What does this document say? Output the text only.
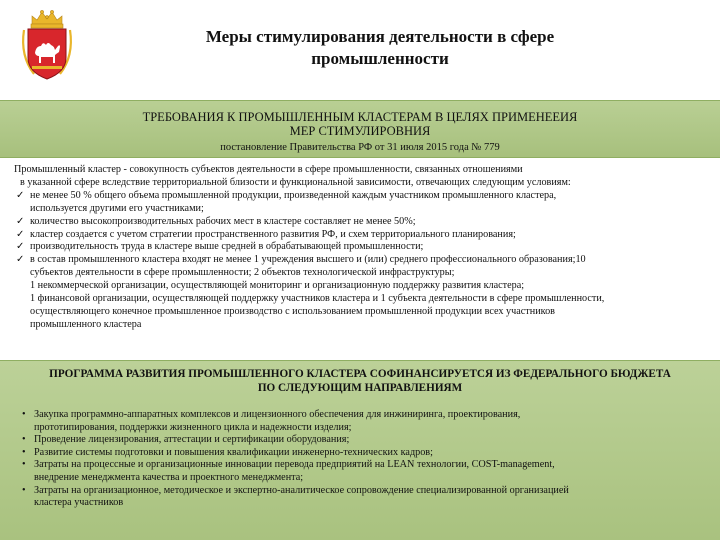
Меры стимулирования деятельности в сфере
промышленности
ТРЕБОВАНИЯ К ПРОМЫШЛЕННЫМ КЛАСТЕРАМ В ЦЕЛЯХ ПРИМЕНЕЕИЯ
МЕР СТИМУЛИРОВНИЯ
постановление Правительства РФ от 31 июля 2015 года № 779

Промышленный кластер - совокупность субъектов деятельности в сфере промышленности, связанных отношениями

в указанной сфере вследствие территориальной близости и функциональной зависимости, отвечающих следующим условиям:

✓ не менее 50 % общего объема промышленной продукции, произведенной каждым участником промышленного кластера,
используется другими его участниками;
✓ количество высокопроизводительных рабочих мест в кластере составляет не менее 50%;
✓ кластер создается с учетом стратегии пространственного развития РФ, и схем территориального планирования;
✓ производительность труда в кластере выше средней в обрабатывающей промышленности;
✓ в состав промышленного кластера входят не менее 1 учреждения высшего и (или) среднего профессионального образования;10
субъектов деятельности в сфере промышленности; 2 объектов технологической инфраструктуры;
1 некоммерческой организации, осуществляющей мониторинг и организационную поддержку развития кластера;
1 финансовой организации, осуществляющей поддержку участников кластера и 1 субъекта деятельности в сфере промышленности,
осуществляющего конечное промышленное производство с использованием промышленной продукции всех участников
промышленного кластера
ПРОГРАММА РАЗВИТИЯ ПРОМЫШЛЕННОГО КЛАСТЕРА СОФИНАНСИРУЕТСЯ ИЗ ФЕДЕРАЛЬНОГО БЮДЖЕТА
ПО СЛЕДУЮЩИМ НАПРАВЛЕНИЯМ
• Закупка программно-аппаратных комплексов и лицензионного обеспечения для инжиниринга, проектирования,
прототипирования, поддержки жизненного цикла и надежности изделия;
• Проведение лицензирования, аттестации и сертификации оборудования;
• Развитие системы подготовки и повышения квалификации инженерно-технических кадров;
• Затраты на процессные и организационные инновации перевода предприятий на LEAN технологии, COST-management,
внедрение менеджмента качества и проектного менеджмента;
• Затраты на организационное, методическое и экспертно-аналитическое сопровождение специализированной организацией
кластера участников
